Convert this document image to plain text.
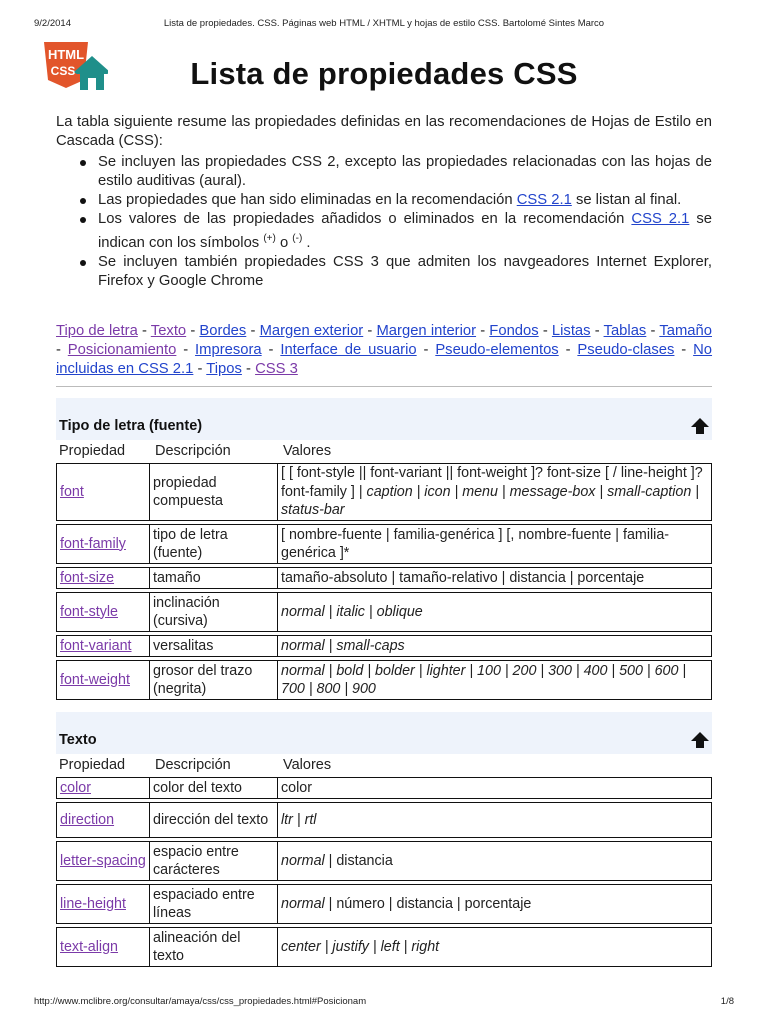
9/2/2014	Lista de propiedades. CSS. Páginas web HTML / XHTML y hojas de estilo CSS. Bartolomé Sintes Marco
HTML
CSS	Lista de propiedades CSS

La tabla siguiente resume las propiedades definidas en las recomendaciones de Hojas de Estilo en Cascada (CSS):

Se incluyen las propiedades CSS 2, excepto las propiedades relacionadas con las hojas de estilo auditivas (aural).
Las propiedades que han sido eliminadas en la recomendación CSS 2.1 se listan al final.
Los valores de las propiedades añadidos o eliminados en la recomendación CSS 2.1 se indican con los símbolos (+) o (-) .
Se incluyen también propiedades CSS 3 que admiten los navgeadores Internet Explorer, Firefox y Google Chrome
Tipo de letra - Texto - Bordes - Margen exterior - Margen interior - Fondos - Listas - Tablas - Tamaño - Posicionamiento - Impresora - Interface de usuario - Pseudo-elementos - Pseudo-clases - No incluidas en CSS 2.1 - Tipos - CSS 3
Tipo de letra (fuente)
Propiedad Descripción	Valores
font	propiedad compuesta	[ [ font-style || font-variant || font-weight ]? font-size [ / line-height ]? font-family ] | caption | icon | menu | message-box | small-caption | status-bar
font-family	tipo de letra (fuente)	[ nombre-fuente | familia-genérica ] [, nombre-fuente | familia-genérica ]*
font-size	tamaño	tamaño-absoluto | tamaño-relativo | distancia | porcentaje
font-style	inclinación (cursiva)	normal | italic | oblique
font-variant	versalitas	normal | small-caps
font-weight	grosor del trazo (negrita)	normal | bold | bolder | lighter | 100 | 200 | 300 | 400 | 500 | 600 | 700 | 800 | 900
Texto
Propiedad Descripción	Valores
color	color del texto	color
direction	dirección del texto	ltr | rtl
letter-spacing	espacio entre carácteres	normal | distancia
line-height	espaciado entre líneas	normal | número | distancia | porcentaje
text-align	alineación del texto	center | justify | left | right
http://www.mclibre.org/consultar/amaya/css/css_propiedades.html#Posicionam	1/8
